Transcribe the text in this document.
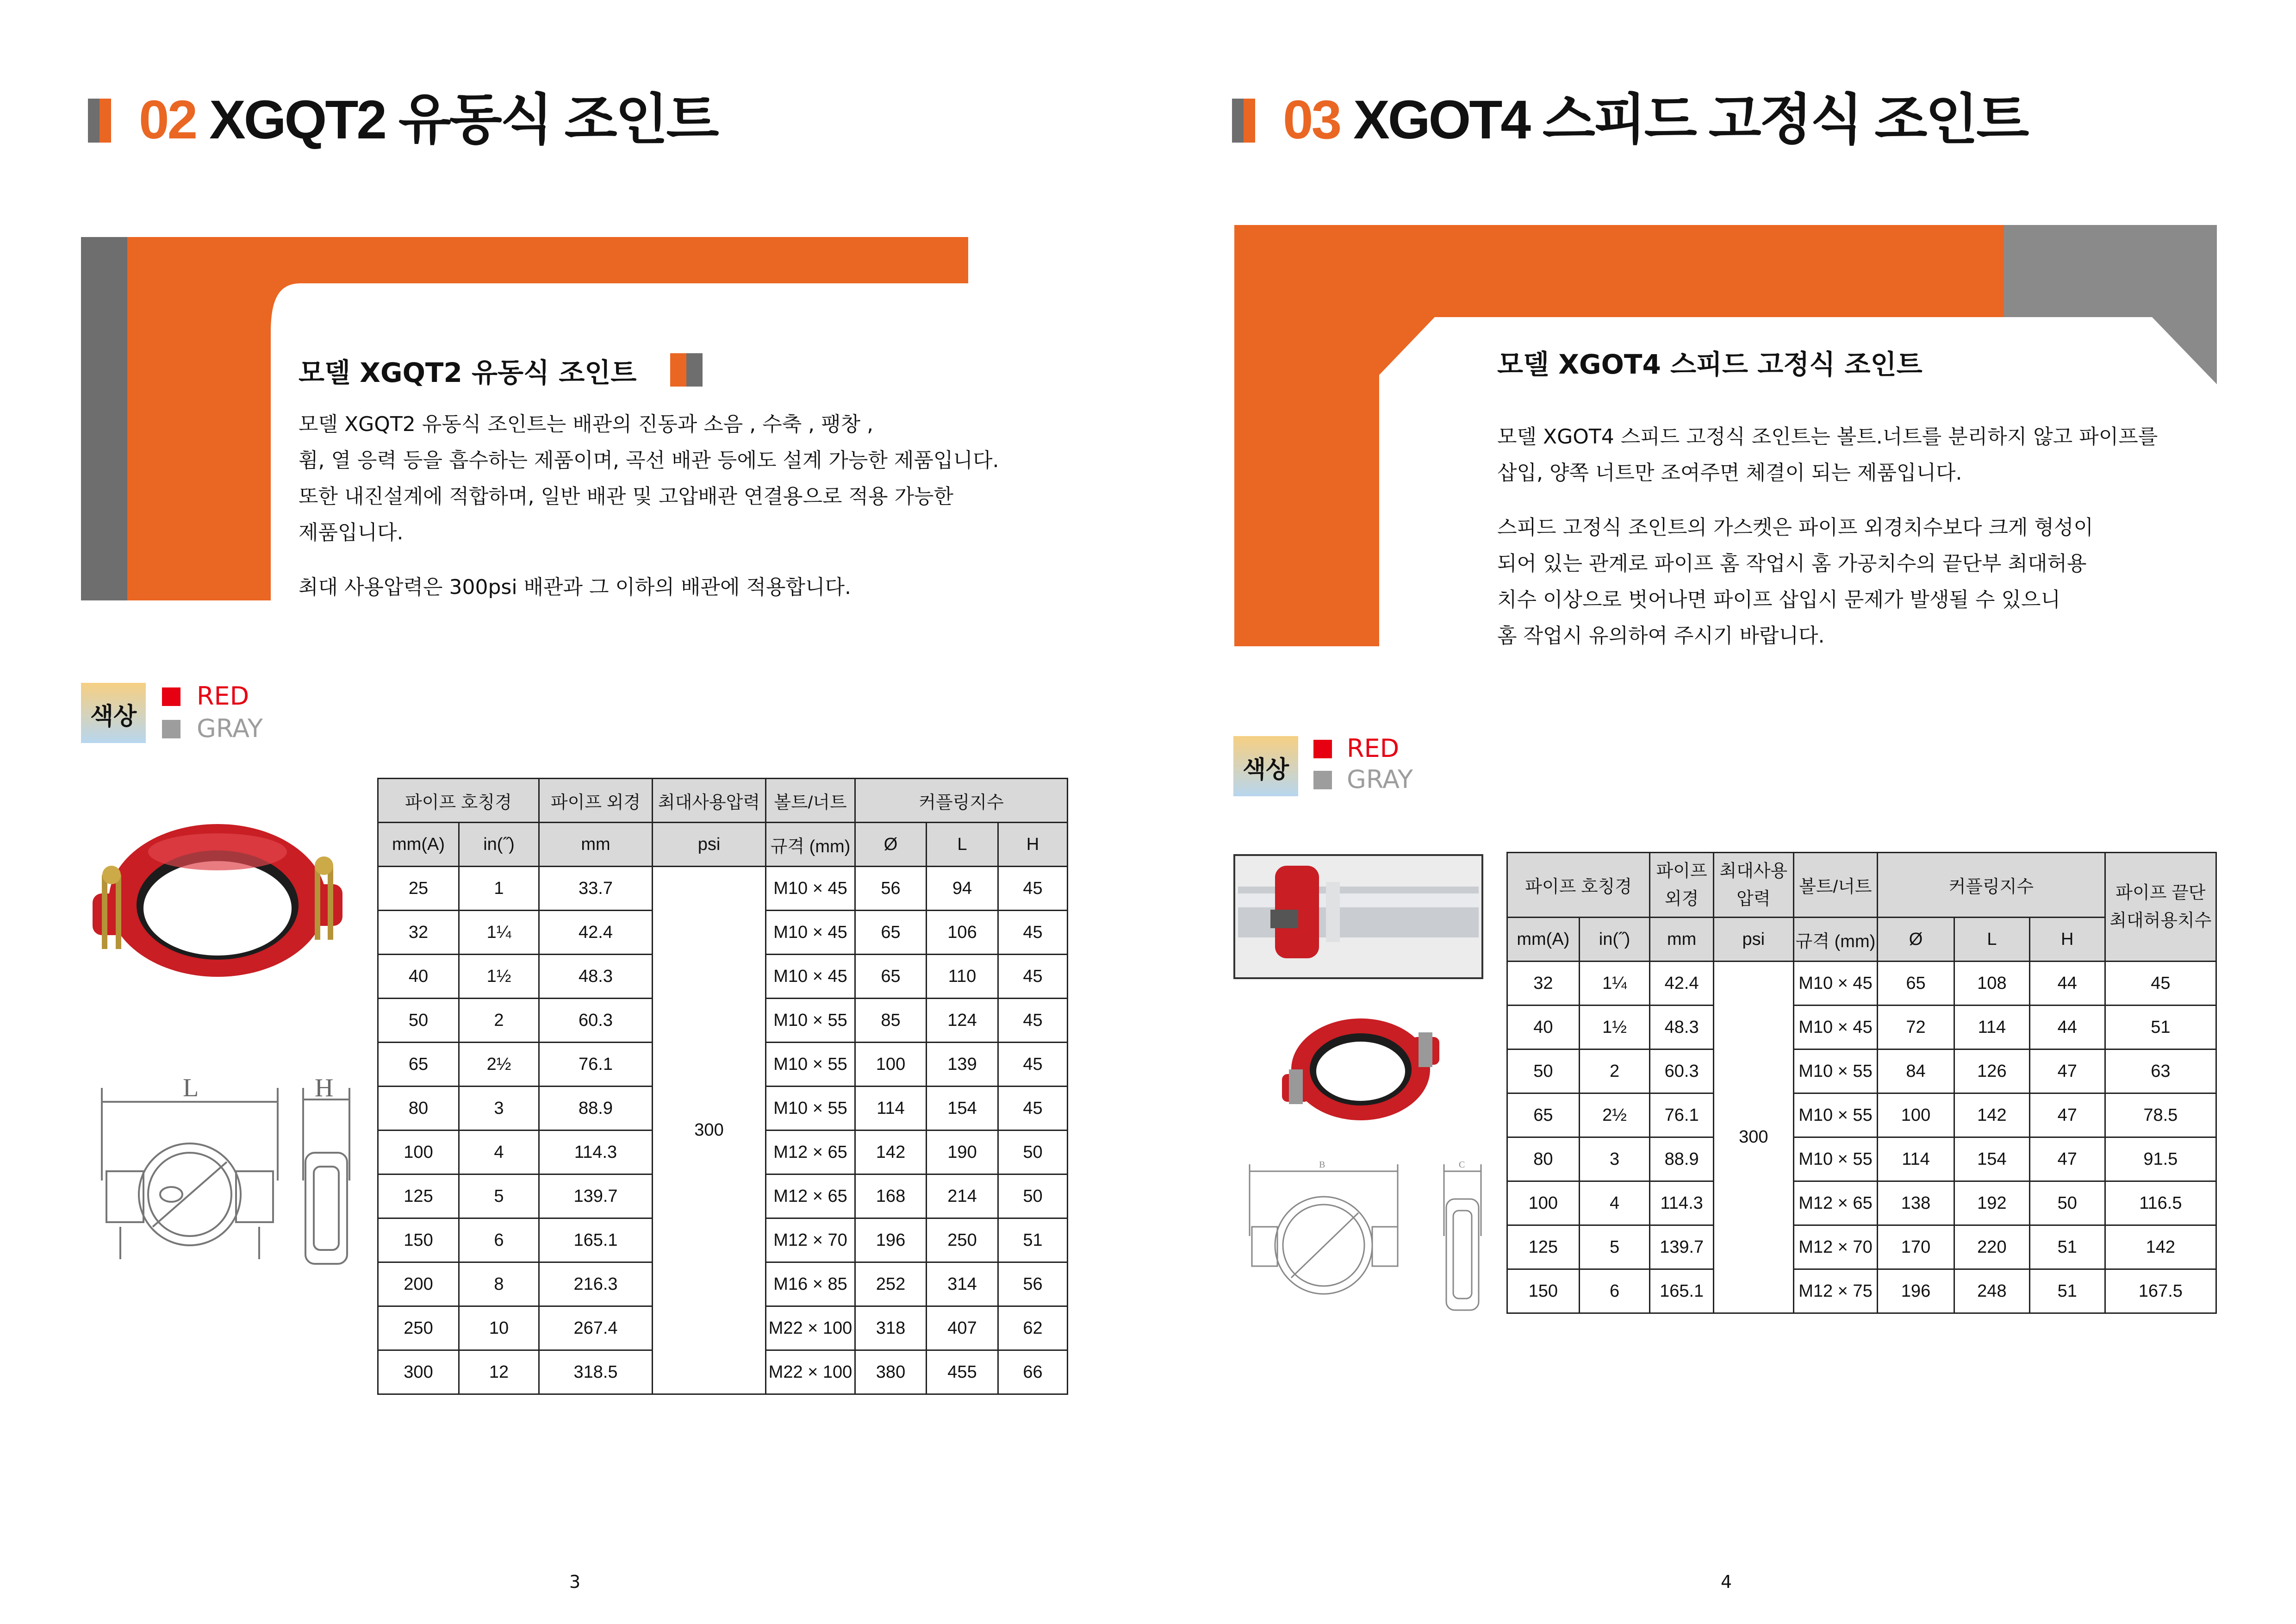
02 XGQT2 유동식 조인트
모델 XGQT2 유동식 조인트
모델 XGQT2 유동식 조인트는 배관의 진동과 소음 , 수축 , 팽창 ,
휨, 열 응력 등을 흡수하는 제품이며, 곡선 배관 등에도 설계 가능한 제품입니다.
또한 내진설계에 적합하며, 일반 배관 및 고압배관 연결용으로 적용 가능한
제품입니다.
최대 사용압력은 300psi 배관과 그 이하의 배관에 적용합니다.
색상
RED
GRAY
L	H
파이프 호칭경		파이프 외경	최대사용압력	볼트/너트	커플링지수		
mm(A)	in(˝)	mm	psi	규격 (mm)	Ø	L	H
25	1	33.7	300	M10 × 45	56	94	45
32	1¼	42.4		M10 × 45	65	106	45
40	1½	48.3		M10 × 45	65	110	45
50	2	60.3		M10 × 55	85	124	45
65	2½	76.1		M10 × 55	100	139	45
80	3	88.9		M10 × 55	114	154	45
100	4	114.3		M12 × 65	142	190	50
125	5	139.7		M12 × 65	168	214	50
150	6	165.1		M12 × 70	196	250	51
200	8	216.3		M16 × 85	252	314	56
250	10	267.4		M22 × 100	318	407	62
300	12	318.5		M22 × 100	380	455	66
3
03 XGOT4 스피드 고정식 조인트
모델 XGOT4 스피드 고정식 조인트
모델 XGOT4 스피드 고정식 조인트는 볼트.너트를 분리하지 않고 파이프를
삽입, 양쪽 너트만 조여주면 체결이 되는 제품입니다.
스피드 고정식 조인트의 가스켓은 파이프 외경치수보다 크게 형성이
되어 있는 관계로 파이프 홈 작업시 홈 가공치수의 끝단부 최대허용
치수 이상으로 벗어나면 파이프 삽입시 문제가 발생될 수 있으니
홈 작업시 유의하여 주시기 바랍니다.
색상
RED
GRAY
B	C
파이프 호칭경		파이프 외경	최대사용 압력	볼트/너트	커플링지수			파이프 끝단 최대허용치수
mm(A)	in(˝)	mm	psi	규격 (mm)	Ø	L	H	
32	1¼	42.4	300	M10 × 45	65	108	44	45
40	1½	48.3		M10 × 45	72	114	44	51
50	2	60.3		M10 × 55	84	126	47	63
65	2½	76.1		M10 × 55	100	142	47	78.5
80	3	88.9		M10 × 55	114	154	47	91.5
100	4	114.3		M12 × 65	138	192	50	116.5
125	5	139.7		M12 × 70	170	220	51	142
150	6	165.1		M12 × 75	196	248	51	167.5
4
